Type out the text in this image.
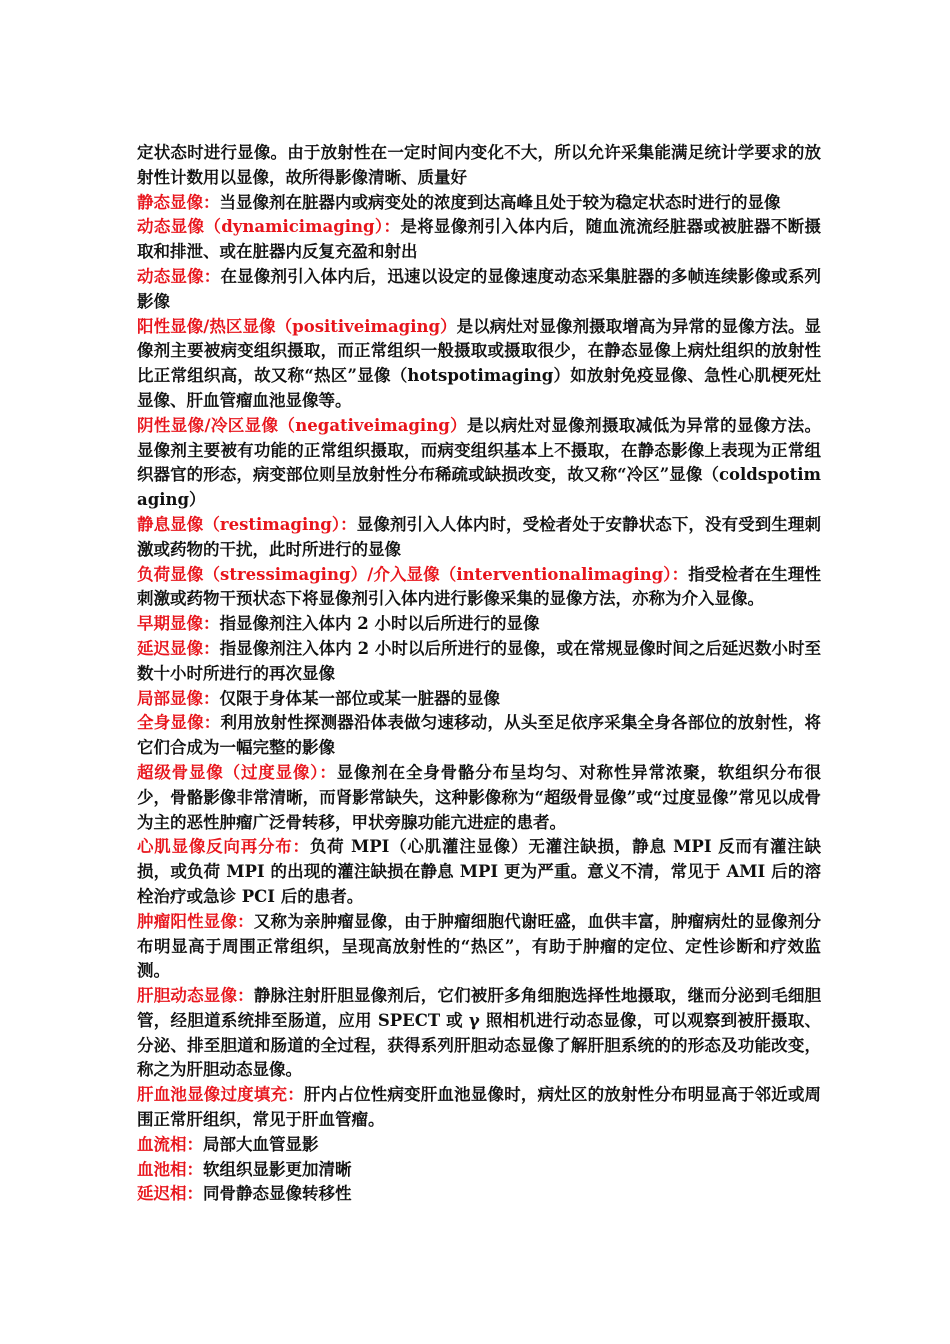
定状态时进行显像。由于放射性在一定时间内变化不大，所以允许采集能满足统计学要求的放射性计数用以显像，故所得影像清晰、质量好

静态显像：当显像剂在脏器内或病变处的浓度到达高峰且处于较为稳定状态时进行的显像

动态显像（dynamicimaging）：是将显像剂引入体内后，随血流流经脏器或被脏器不断摄取和排泄、或在脏器内反复充盈和射出

动态显像：在显像剂引入体内后，迅速以设定的显像速度动态采集脏器的多帧连续影像或系列影像

阳性显像/热区显像（positiveimaging）是以病灶对显像剂摄取增高为异常的显像方法。显像剂主要被病变组织摄取，而正常组织一般摄取或摄取很少，在静态显像上病灶组织的放射性比正常组织高，故又称“热区”显像（hotspotimaging）如放射免疫显像、急性心肌梗死灶显像、肝血管瘤血池显像等。

阴性显像/冷区显像（negativeimaging）是以病灶对显像剂摄取减低为异常的显像方法。显像剂主要被有功能的正常组织摄取，而病变组织基本上不摄取，在静态影像上表现为正常组织器官的形态，病变部位则呈放射性分布稀疏或缺损改变，故又称“冷区”显像（coldspotimaging）

静息显像（restimaging）：显像剂引入人体内时，受检者处于安静状态下，没有受到生理刺激或药物的干扰，此时所进行的显像

负荷显像（stressimaging）/介入显像（interventionalimaging）：指受检者在生理性刺激或药物干预状态下将显像剂引入体内进行影像采集的显像方法，亦称为介入显像。

早期显像：指显像剂注入体内 2 小时以后所进行的显像

延迟显像：指显像剂注入体内 2 小时以后所进行的显像，或在常规显像时间之后延迟数小时至数十小时所进行的再次显像

局部显像：仅限于身体某一部位或某一脏器的显像

全身显像：利用放射性探测器沿体表做匀速移动，从头至足依序采集全身各部位的放射性，将它们合成为一幅完整的影像

超级骨显像（过度显像）：显像剂在全身骨骼分布呈均匀、对称性异常浓聚，软组织分布很少，骨骼影像非常清晰，而肾影常缺失，这种影像称为“超级骨显像”或“过度显像”常见以成骨为主的恶性肿瘤广泛骨转移，甲状旁腺功能亢进症的患者。

心肌显像反向再分布：负荷 MPI（心肌灌注显像）无灌注缺损，静息 MPI 反而有灌注缺损，或负荷 MPI 的出现的灌注缺损在静息 MPI 更为严重。意义不清，常见于 AMI 后的溶栓治疗或急诊 PCI 后的患者。

肿瘤阳性显像：又称为亲肿瘤显像，由于肿瘤细胞代谢旺盛，血供丰富，肿瘤病灶的显像剂分布明显高于周围正常组织，呈现高放射性的“热区”，有助于肿瘤的定位、定性诊断和疗效监测。

肝胆动态显像：静脉注射肝胆显像剂后，它们被肝多角细胞选择性地摄取，继而分泌到毛细胆管，经胆道系统排至肠道，应用 SPECT 或 γ 照相机进行动态显像，可以观察到被肝摄取、分泌、排至胆道和肠道的全过程，获得系列肝胆动态显像了解肝胆系统的的形态及功能改变，称之为肝胆动态显像。

肝血池显像过度填充：肝内占位性病变肝血池显像时，病灶区的放射性分布明显高于邻近或周围正常肝组织，常见于肝血管瘤。

血流相：局部大血管显影

血池相：软组织显影更加清晰

延迟相：同骨静态显像转移性
